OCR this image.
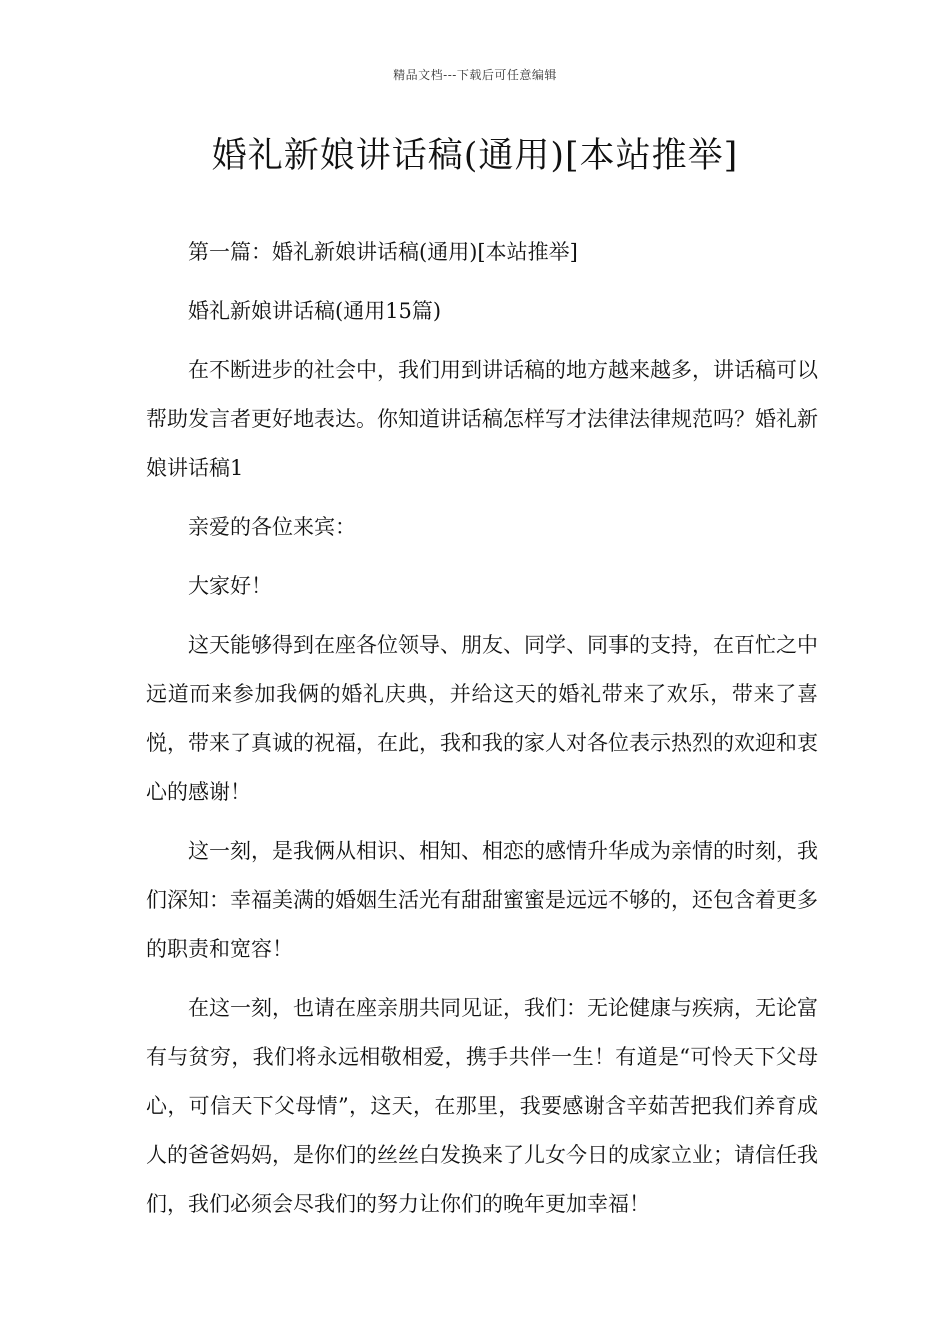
精品文档---下载后可任意编辑
婚礼新娘讲话稿(通用)[本站推举]

第一篇：婚礼新娘讲话稿(通用)[本站推举]

婚礼新娘讲话稿(通用15篇)

在不断进步的社会中，我们用到讲话稿的地方越来越多，讲话稿可以帮助发言者更好地表达。你知道讲话稿怎样写才法律法律规范吗？婚礼新娘讲话稿1

亲爱的各位来宾：

大家好！

这天能够得到在座各位领导、朋友、同学、同事的支持，在百忙之中远道而来参加我俩的婚礼庆典，并给这天的婚礼带来了欢乐，带来了喜悦，带来了真诚的祝福，在此，我和我的家人对各位表示热烈的欢迎和衷心的感谢！

这一刻，是我俩从相识、相知、相恋的感情升华成为亲情的时刻，我们深知：幸福美满的婚姻生活光有甜甜蜜蜜是远远不够的，还包含着更多的职责和宽容！

在这一刻，也请在座亲朋共同见证，我们：无论健康与疾病，无论富有与贫穷，我们将永远相敬相爱，携手共伴一生！有道是“可怜天下父母心，可信天下父母情”，这天，在那里，我要感谢含辛茹苦把我们养育成人的爸爸妈妈，是你们的丝丝白发换来了儿女今日的成家立业；请信任我们，我们必须会尽我们的努力让你们的晚年更加幸福！
